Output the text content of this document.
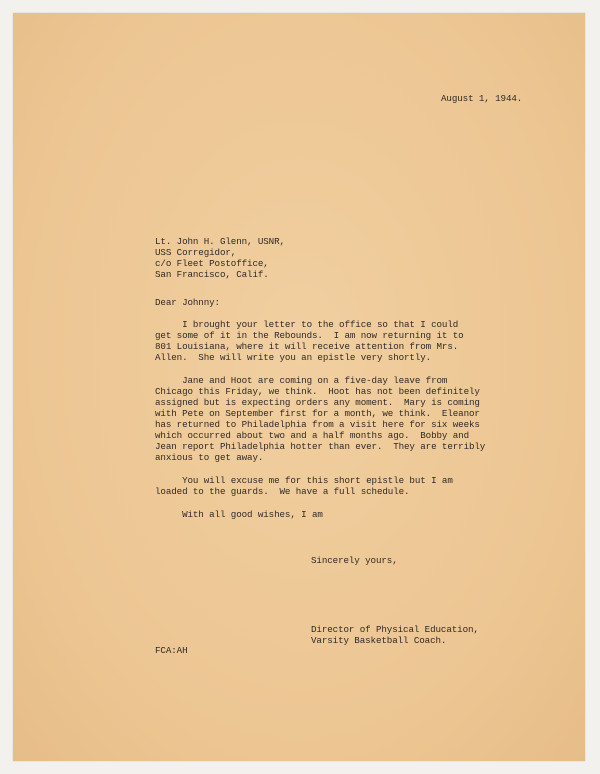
August 1, 1944.
Lt. John H. Glenn, USNR,
USS Corregidor,
c/o Fleet Postoffice,
San Francisco, Calif.
Dear Johnny:
I brought your letter to the office so that I could
get some of it in the Rebounds.  I am now returning it to
801 Louisiana, where it will receive attention from Mrs.
Allen.  She will write you an epistle very shortly.
Jane and Hoot are coming on a five-day leave from
Chicago this Friday, we think.  Hoot has not been definitely
assigned but is expecting orders any moment.  Mary is coming
with Pete on September first for a month, we think.  Eleanor
has returned to Philadelphia from a visit here for six weeks
which occurred about two and a half months ago.  Bobby and
Jean report Philadelphia hotter than ever.  They are terribly
anxious to get away.
You will excuse me for this short epistle but I am
loaded to the guards.  We have a full schedule.
With all good wishes, I am
Sincerely yours,
Director of Physical Education,
Varsity Basketball Coach.
FCA:AH
